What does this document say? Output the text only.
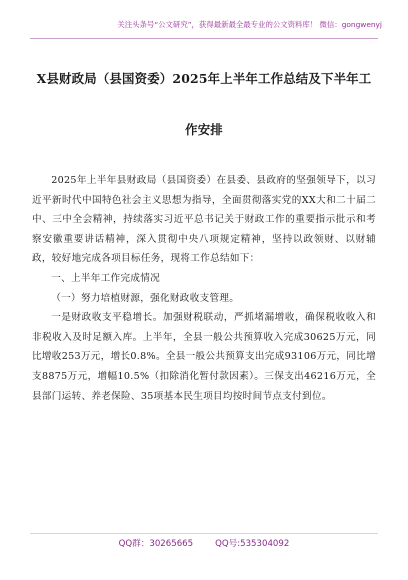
关注头条号“公文研究”，获得最新最全最专业的公文资料库！ 微信：gongwenyj
X县财政局（县国资委）2025年上半年工作总结及下半年工
作安排

2025年上半年县财政局（县国资委）在县委、县政府的坚强领导下，以习近平新时代中国特色社会主义思想为指导，全面贯彻落实党的XX大和二十届二中、三中全会精神，持续落实习近平总书记关于财政工作的重要指示批示和考察安徽重要讲话精神，深入贯彻中央八项规定精神，坚持以政领财、以财辅政，较好地完成各项目标任务，现将工作总结如下：

一、上半年工作完成情况

（一）努力培植财源，强化财政收支管理。

一是财政收支平稳增长。加强财税联动，严抓堵漏增收，确保税收收入和非税收入及时足额入库。上半年，全县一般公共预算收入完成30625万元，同比增收253万元，增长0.8%。全县一般公共预算支出完成93106万元，同比增支8875万元，增幅10.5%（扣除消化暂付款因素）。三保支出46216万元，全县部门运转、养老保险、35项基本民生项目均按时间节点支付到位。

QQ群：30265665	QQ号:535304092
